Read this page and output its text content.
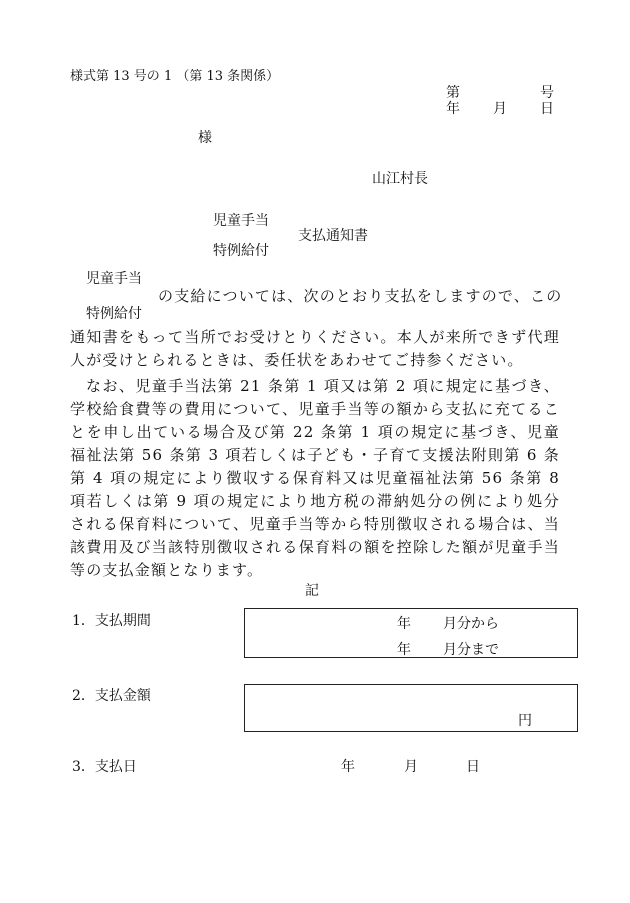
様式第 13 号の 1 （第 13 条関係）
第	号
年 月 日
様
山江村長
児童手当
支払通知書
特例給付
児童手当
の支給については、次のとおり支払をしますので、この
特例給付
通知書をもって当所でお受けとりください。本人が来所できず代理人が受けとられるときは、委任状をあわせてご持参ください。
なお、児童手当法第 21 条第 1 項又は第 2 項に規定に基づき、学校給食費等の費用について、児童手当等の額から支払に充てることを申し出ている場合及び第 22 条第 1 項の規定に基づき、児童福祉法第 56 条第 3 項若しくは子ども・子育て支援法附則第 6 条第 4 項の規定により徴収する保育料又は児童福祉法第 56 条第 8 項若しくは第 9 項の規定により地方税の滞納処分の例により処分される保育料について、児童手当等から特別徴収される場合は、当該費用及び当該特別徴収される保育料の額を控除した額が児童手当等の支払金額となります。
記
1．支払期間	年 月分から
年 月分まで
2．支払金額
円
3．支払日	年	月	日
